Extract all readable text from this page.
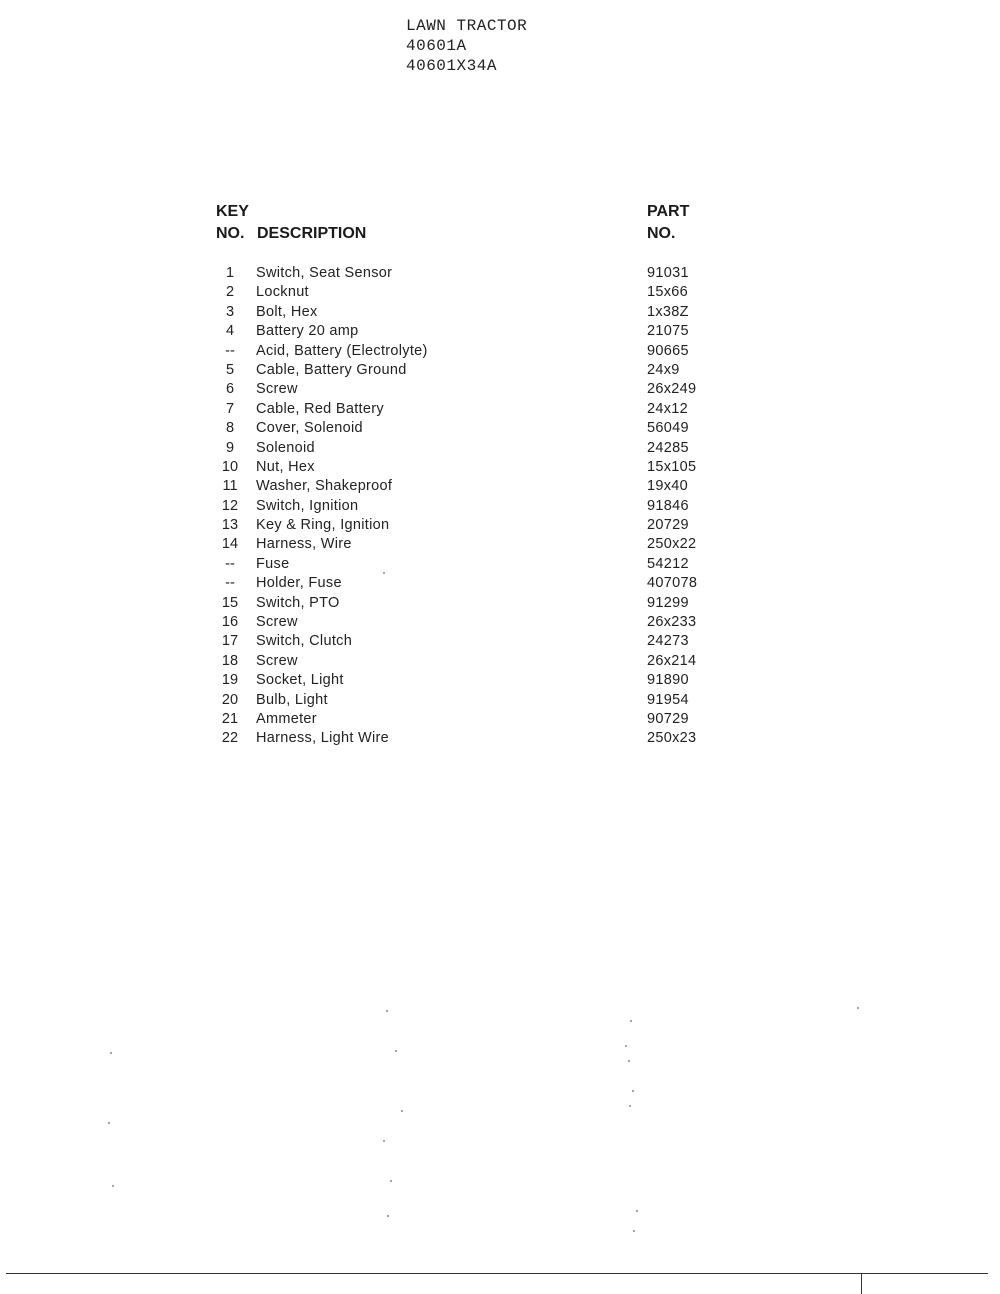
LAWN TRACTOR
40601A
40601X34A
KEY
NO. DESCRIPTION
PART
NO.
1	Switch, Seat Sensor	91031
2	Locknut	15x66
3	Bolt, Hex	1x38Z
4	Battery 20 amp	21075
--	Acid, Battery (Electrolyte)	90665
5	Cable, Battery Ground	24x9
6	Screw	26x249
7	Cable, Red Battery	24x12
8	Cover, Solenoid	56049
9	Solenoid	24285
10	Nut, Hex	15x105
11	Washer, Shakeproof	19x40
12	Switch, Ignition	91846
13	Key & Ring, Ignition	20729
14	Harness, Wire	250x22
--	Fuse	54212
--	Holder, Fuse	407078
15	Switch, PTO	91299
16	Screw	26x233
17	Switch, Clutch	24273
18	Screw	26x214
19	Socket, Light	91890
20	Bulb, Light	91954
21	Ammeter	90729
22	Harness, Light Wire	250x23
